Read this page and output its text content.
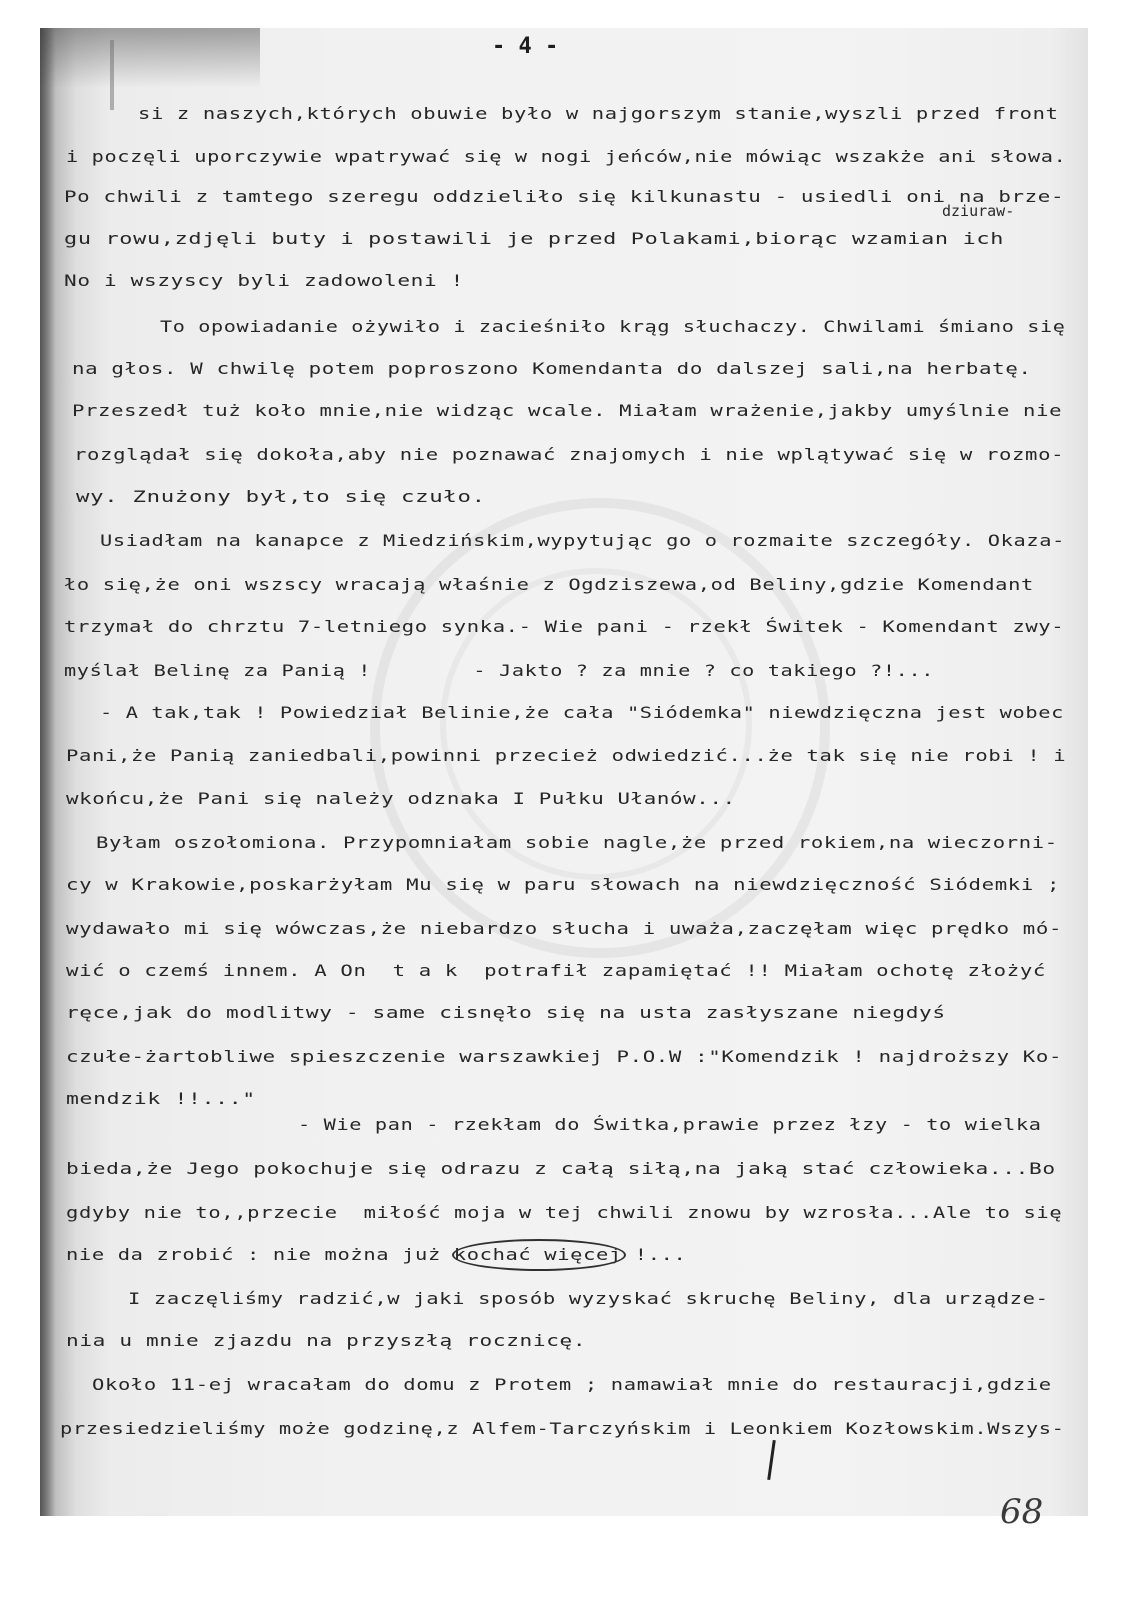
- 4 -
si z naszych,których obuwie było w najgorszym stanie,wyszli przed front
i poczęli uporczywie wpatrywać się w nogi jeńców,nie mówiąc wszakże ani słowa.
Po chwili z tamtego szeregu oddzieliło się kilkunastu - usiedli oni na brze-
dziuraw-
gu rowu,zdjęli buty i postawili je przed Polakami,biorąc wzamian ich
No i wszyscy byli zadowoleni !
To opowiadanie ożywiło i zacieśniło krąg słuchaczy. Chwilami śmiano się
na głos. W chwilę potem poproszono Komendanta do dalszej sali,na herbatę.
Przeszedł tuż koło mnie,nie widząc wcale. Miałam wrażenie,jakby umyślnie nie
rozglądał się dokoła,aby nie poznawać znajomych i nie wplątywać się w rozmo-
wy. Znużony był,to się czuło.
Usiadłam na kanapce z Miedzińskim,wypytując go o rozmaite szczegóły. Okaza-
ło się,że oni wszscy wracają właśnie z Ogdziszewa,od Beliny,gdzie Komendant
trzymał do chrztu 7-letniego synka.- Wie pani - rzekł Świtek - Komendant zwy-
myślał Belinę za Panią !        - Jakto ? za mnie ? co takiego ?!...
- A tak,tak ! Powiedział Belinie,że cała "Siódemka" niewdzięczna jest wobec
Pani,że Panią zaniedbali,powinni przecież odwiedzić...że tak się nie robi ! i
wkońcu,że Pani się należy odznaka I Pułku Ułanów...
Byłam oszołomiona. Przypomniałam sobie nagle,że przed rokiem,na wieczorni-
cy w Krakowie,poskarżyłam Mu się w paru słowach na niewdzięczność Siódemki ;
wydawało mi się wówczas,że niebardzo słucha i uważa,zaczęłam więc prędko mó-
wić o czemś innem. A On  t a k  potrafił zapamiętać !! Miałam ochotę złożyć
ręce,jak do modlitwy - same cisnęło się na usta zasłyszane niegdyś
czułe-żartobliwe spieszczenie warszawkiej P.O.W :"Komendzik ! najdroższy Ko-
mendzik !!..."
- Wie pan - rzekłam do Świtka,prawie przez łzy - to wielka
bieda,że Jego pokochuje się odrazu z całą siłą,na jaką stać człowieka...Bo
gdyby nie to,,przecie  miłość moja w tej chwili znowu by wzrosła...Ale to się
nie da zrobić : nie można już kochać więcej !...
I zaczęliśmy radzić,w jaki sposób wyzyskać skruchę Beliny, dla urządze-
nia u mnie zjazdu na przyszłą rocznicę.
Około 11-ej wracałam do domu z Protem ; namawiał mnie do restauracji,gdzie
przesiedzieliśmy może godzinę,z Alfem-Tarczyńskim i Leonkiem Kozłowskim.Wszys-
68
